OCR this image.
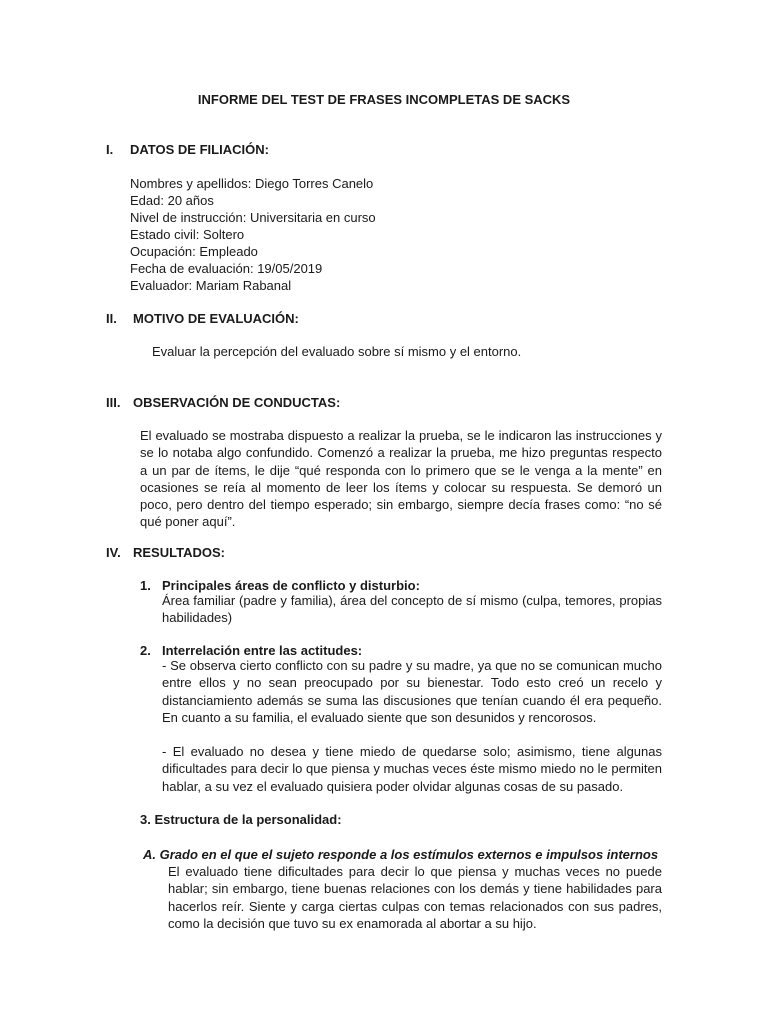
INFORME DEL TEST DE FRASES INCOMPLETAS DE SACKS
I. DATOS DE FILIACIÓN:
Nombres y apellidos: Diego Torres Canelo
Edad: 20 años
Nivel de instrucción: Universitaria en curso
Estado civil: Soltero
Ocupación: Empleado
Fecha de evaluación: 19/05/2019
Evaluador: Mariam Rabanal
II. MOTIVO DE EVALUACIÓN:
Evaluar la percepción del evaluado sobre sí mismo y el entorno.
III. OBSERVACIÓN DE CONDUCTAS:
El evaluado se mostraba dispuesto a realizar la prueba, se le indicaron las instrucciones y se lo notaba algo confundido. Comenzó a realizar la prueba, me hizo preguntas respecto a un par de ítems, le dije “qué responda con lo primero que se le venga a la mente” en ocasiones se reía al momento de leer los ítems y colocar su respuesta. Se demoró un poco, pero dentro del tiempo esperado; sin embargo, siempre decía frases como: “no sé qué poner aquí”.
IV. RESULTADOS:
1. Principales áreas de conflicto y disturbio:
Área familiar (padre y familia), área del concepto de sí mismo (culpa, temores, propias habilidades)
2. Interrelación entre las actitudes:
- Se observa cierto conflicto con su padre y su madre, ya que no se comunican mucho entre ellos y no sean preocupado por su bienestar. Todo esto creó un recelo y distanciamiento además se suma las discusiones que tenían cuando él era pequeño. En cuanto a su familia, el evaluado siente que son desunidos y rencorosos.
- El evaluado no desea y tiene miedo de quedarse solo; asimismo, tiene algunas dificultades para decir lo que piensa y muchas veces éste mismo miedo no le permiten hablar, a su vez el evaluado quisiera poder olvidar algunas cosas de su pasado.
3. Estructura de la personalidad:
A. Grado en el que el sujeto responde a los estímulos externos e impulsos internos
El evaluado tiene dificultades para decir lo que piensa y muchas veces no puede hablar; sin embargo, tiene buenas relaciones con los demás y tiene habilidades para hacerlos reír. Siente y carga ciertas culpas con temas relacionados con sus padres, como la decisión que tuvo su ex enamorada al abortar a su hijo.
